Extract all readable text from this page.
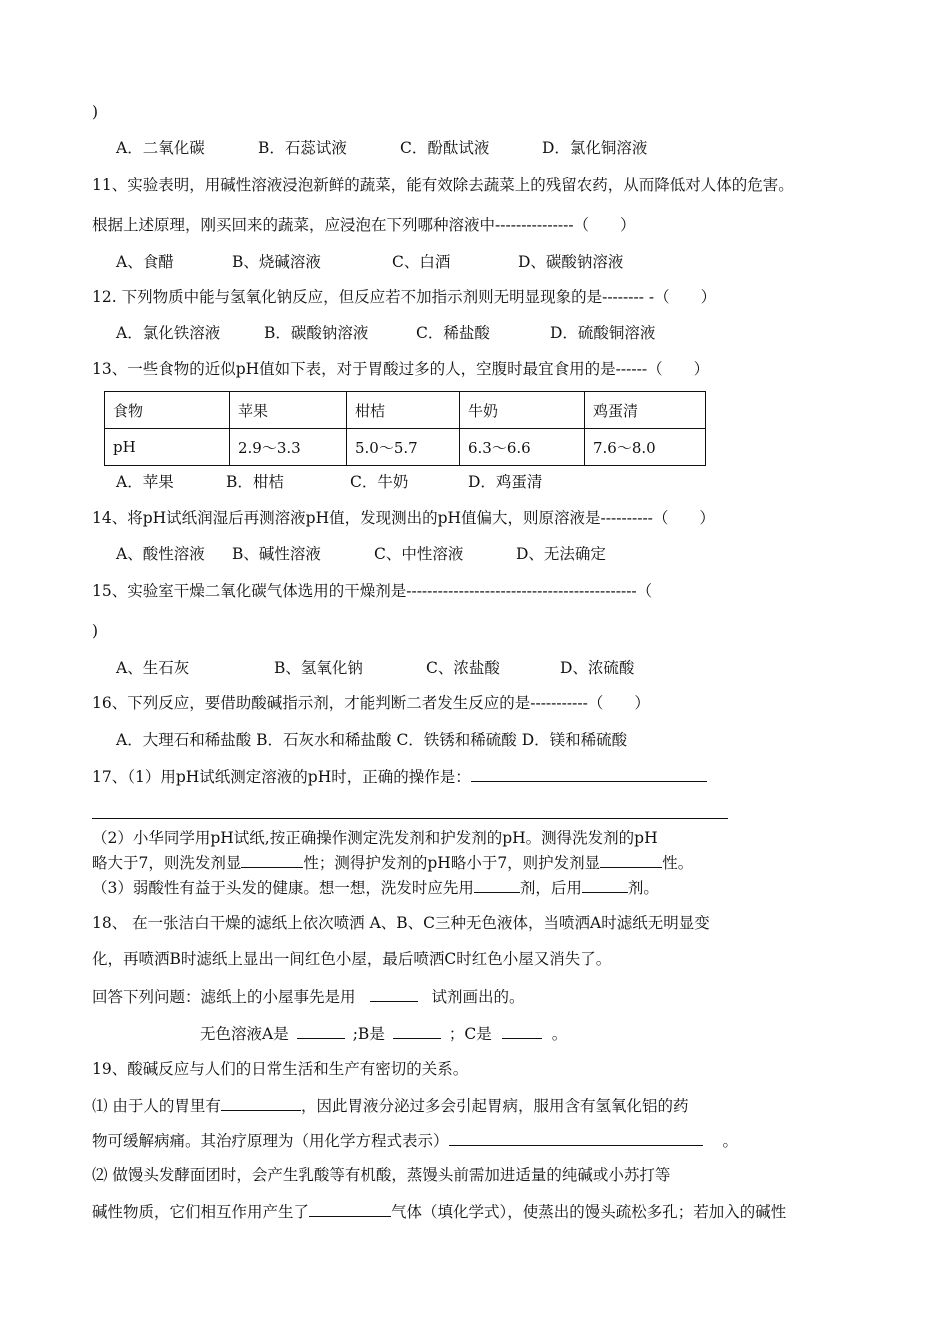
)
A．二氧化碳	B．石蕊试液	C．酚酞试液	D．氯化铜溶液
11、实验表明，用碱性溶液浸泡新鲜的蔬菜，能有效除去蔬菜上的残留农药，从而降低对人体的危害。
根据上述原理，刚买回来的蔬菜，应浸泡在下列哪种溶液中---------------（　　）
A、食醋	B、烧碱溶液	C、白酒	D、碳酸钠溶液
12. 下列物质中能与氢氧化钠反应，但反应若不加指示剂则无明显现象的是-------- -（　　）
A．氯化铁溶液	B．碳酸钠溶液	C．稀盐酸	D．硫酸铜溶液
13、一些食物的近似pH值如下表，对于胃酸过多的人，空腹时最宜食用的是------（　　）
食物	苹果	柑桔	牛奶	鸡蛋清
pH	2.9～3.3	5.0～5.7	6.3～6.6	7.6～8.0
A．苹果	B．柑桔	C．牛奶	D．鸡蛋清
14、将pH试纸润湿后再测溶液pH值，发现测出的pH值偏大，则原溶液是----------（　　）
A、酸性溶液 B、碱性溶液	C、中性溶液	D、无法确定
15、实验室干燥二氧化碳气体选用的干燥剂是--------------------------------------------（
)
A、生石灰	B、氢氧化钠	C、浓盐酸	D、浓硫酸
16、下列反应，要借助酸碱指示剂，才能判断二者发生反应的是-----------（　　）
A．大理石和稀盐酸 B．石灰水和稀盐酸 C．铁锈和稀硫酸 D．镁和稀硫酸
17、（1）用pH试纸测定溶液的pH时，正确的操作是：
（2）小华同学用pH试纸,按正确操作测定洗发剂和护发剂的pH。测得洗发剂的pH
略大于7，则洗发剂显	性；测得护发剂的pH略小于7，则护发剂显	性。
（3）弱酸性有益于头发的健康。想一想，洗发时应先用	剂，后用	剂。
18、 在一张洁白干燥的滤纸上依次喷洒 A、B、C三种无色液体，当喷洒A时滤纸无明显变
化，再喷洒B时滤纸上显出一间红色小屋，最后喷洒C时红色小屋又消失了。
回答下列问题：滤纸上的小屋事先是用	试剂画出的。
无色溶液A是	;B是	；C是	。
19、酸碱反应与人们的日常生活和生产有密切的关系。
⑴ 由于人的胃里有	，因此胃液分泌过多会引起胃病，服用含有氢氧化铝的药
物可缓解病痛。其治疗原理为（用化学方程式表示）	。
⑵ 做馒头发酵面团时，会产生乳酸等有机酸，蒸馒头前需加进适量的纯碱或小苏打等
碱性物质，它们相互作用产生了	气体（填化学式），使蒸出的馒头疏松多孔；若加入的碱性
